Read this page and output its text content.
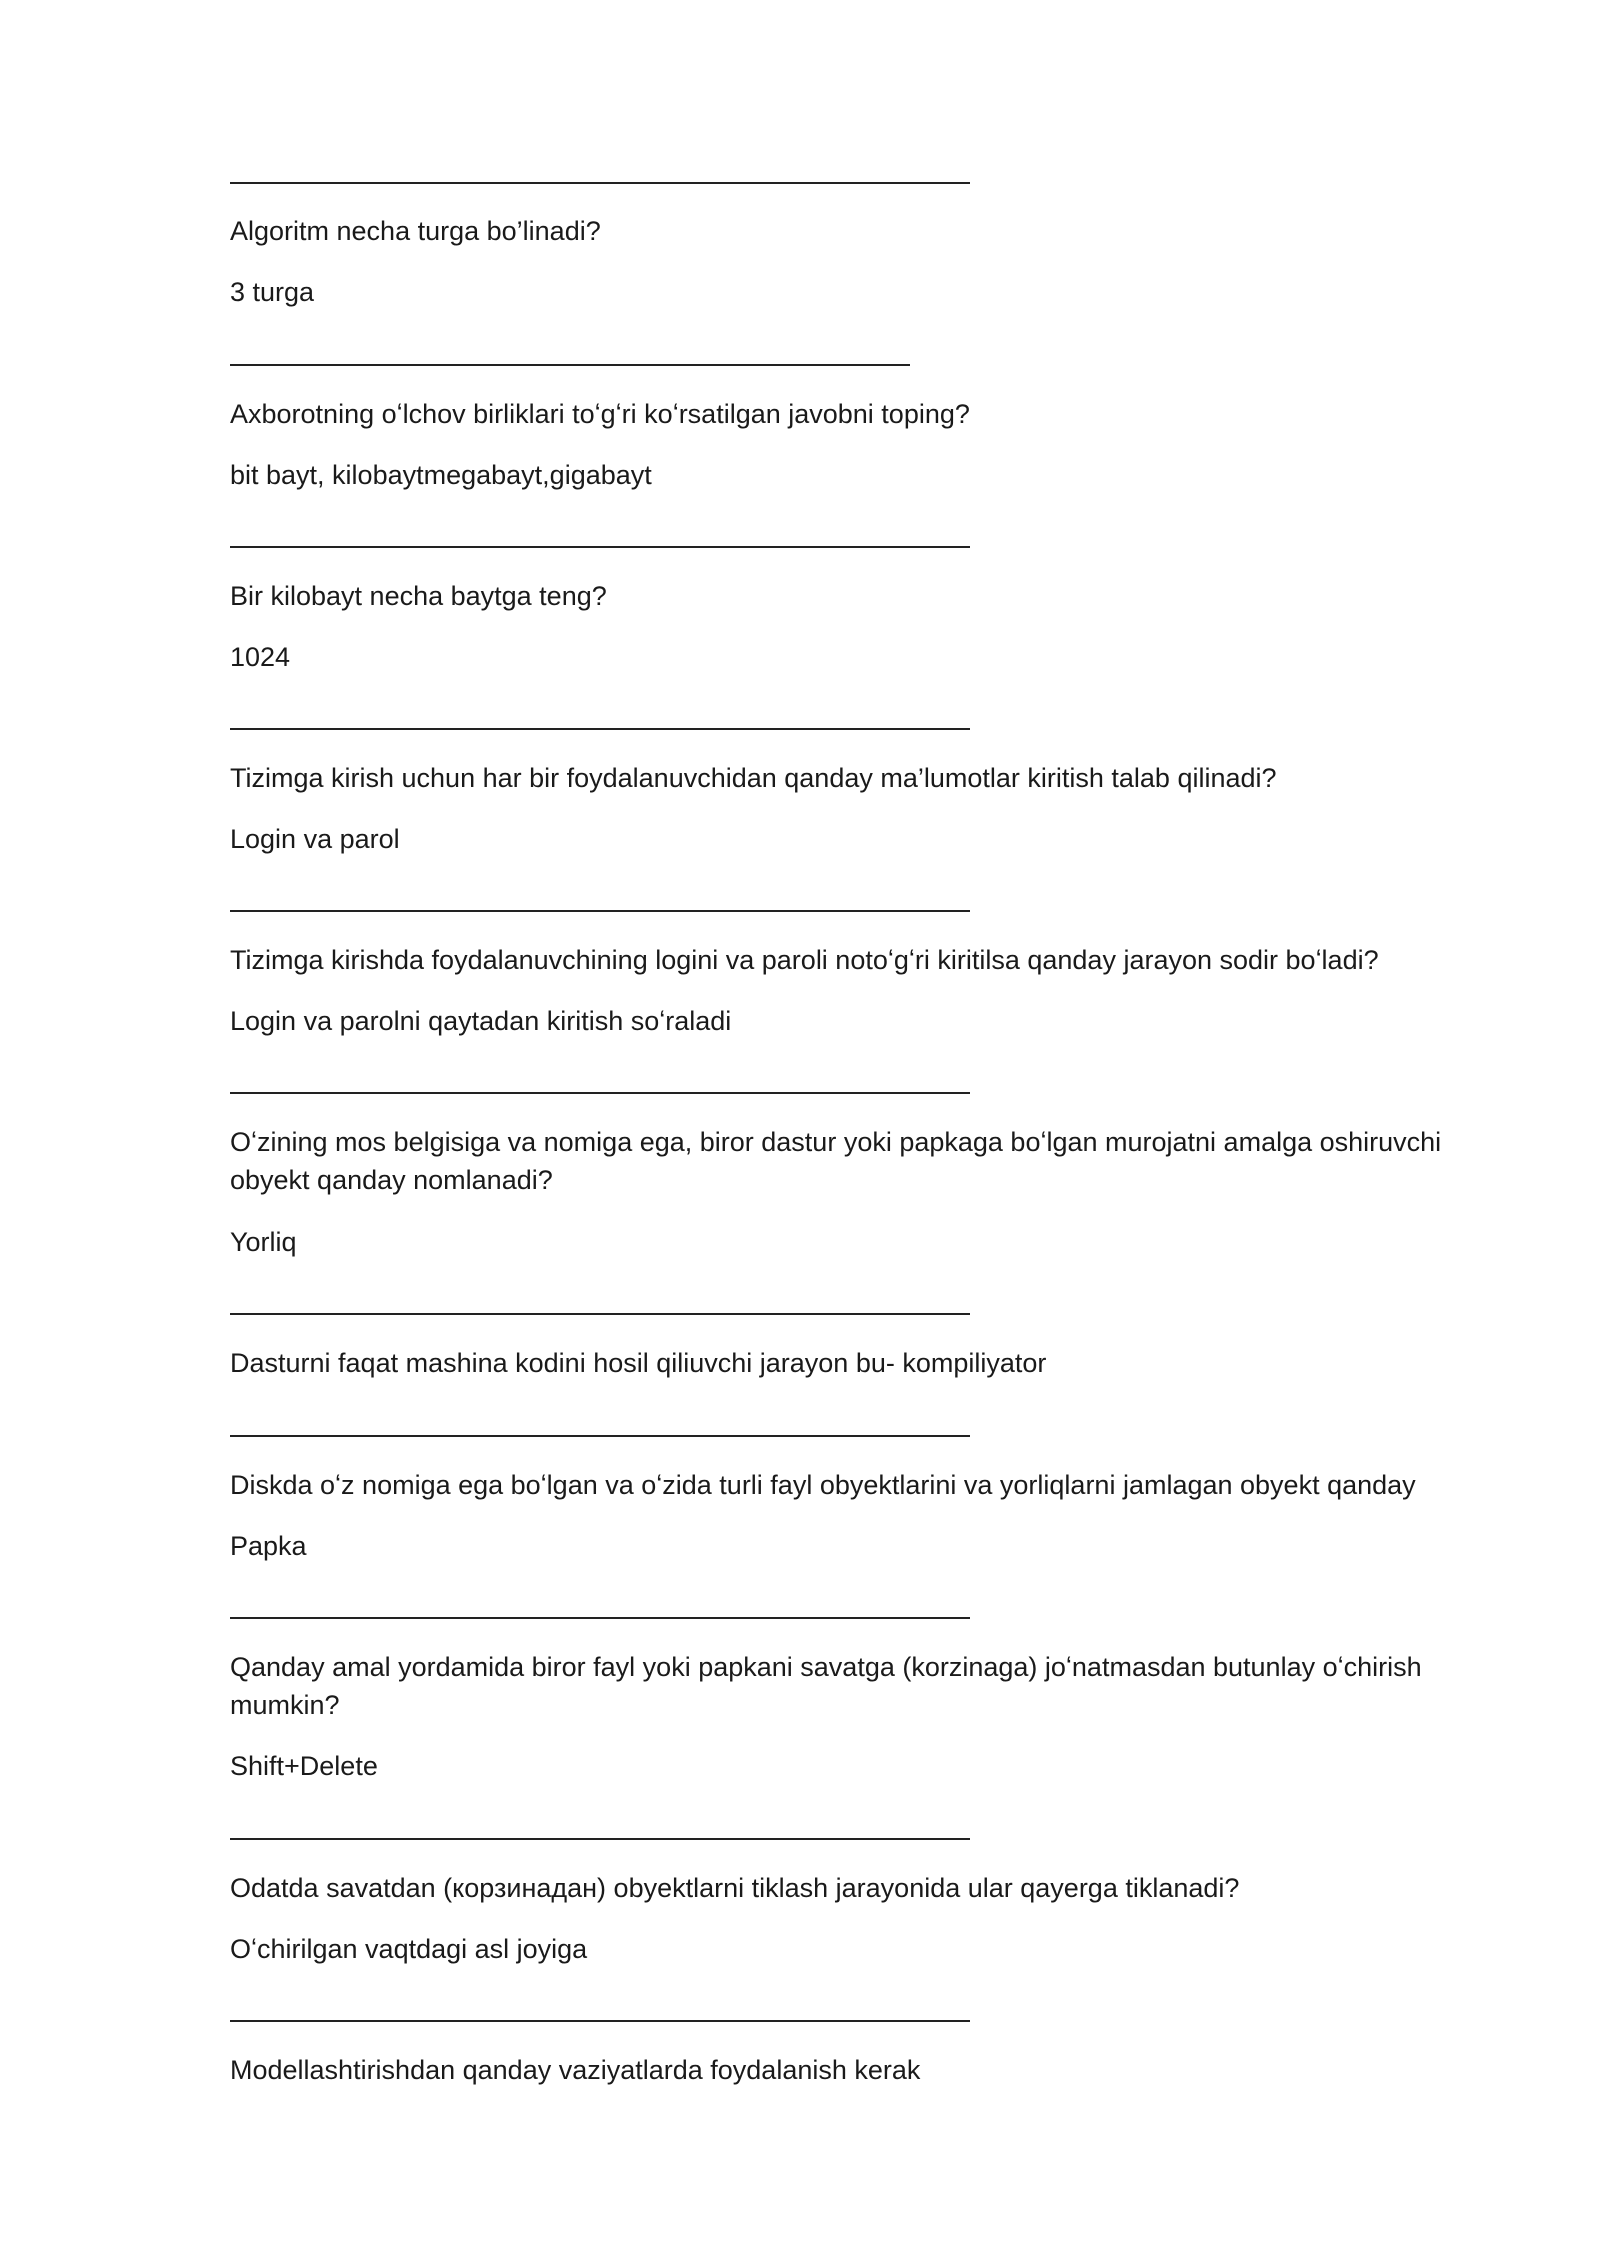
Algoritm necha turga bo’linadi?
3 turga
Axborotning oʻlchov birliklari toʻgʻri koʻrsatilgan javobni toping?
bit bayt, kilobaytmegabayt,gigabayt
Bir kilobayt necha baytga teng?
1024
Tizimga kirish uchun har bir foydalanuvchidan qanday ma’lumotlar kiritish talab qilinadi?
Login va parol
Tizimga kirishda foydalanuvchining logini va paroli notoʻgʻri kiritilsa qanday jarayon sodir boʻladi?
Login va parolni qaytadan kiritish soʻraladi
Oʻzining mos belgisiga va nomiga ega, biror dastur yoki papkaga boʻlgan murojatni amalga oshiruvchi obyekt qanday nomlanadi?
Yorliq
Dasturni faqat mashina kodini hosil qiliuvchi jarayon bu- kompiliyator
Diskda oʻz nomiga ega boʻlgan va oʻzida turli fayl obyektlarini va yorliqlarni jamlagan obyekt qanday
Papka
Qanday amal yordamida biror fayl yoki papkani savatga (korzinaga) joʻnatmasdan butunlay oʻchirish mumkin?
Shift+Delete
Odatda savatdan (корзинадан) obyektlarni tiklash jarayonida ular qayerga tiklanadi?
Oʻchirilgan vaqtdagi asl joyiga
Modellashtirishdan qanday vaziyatlarda foydalanish kerak
